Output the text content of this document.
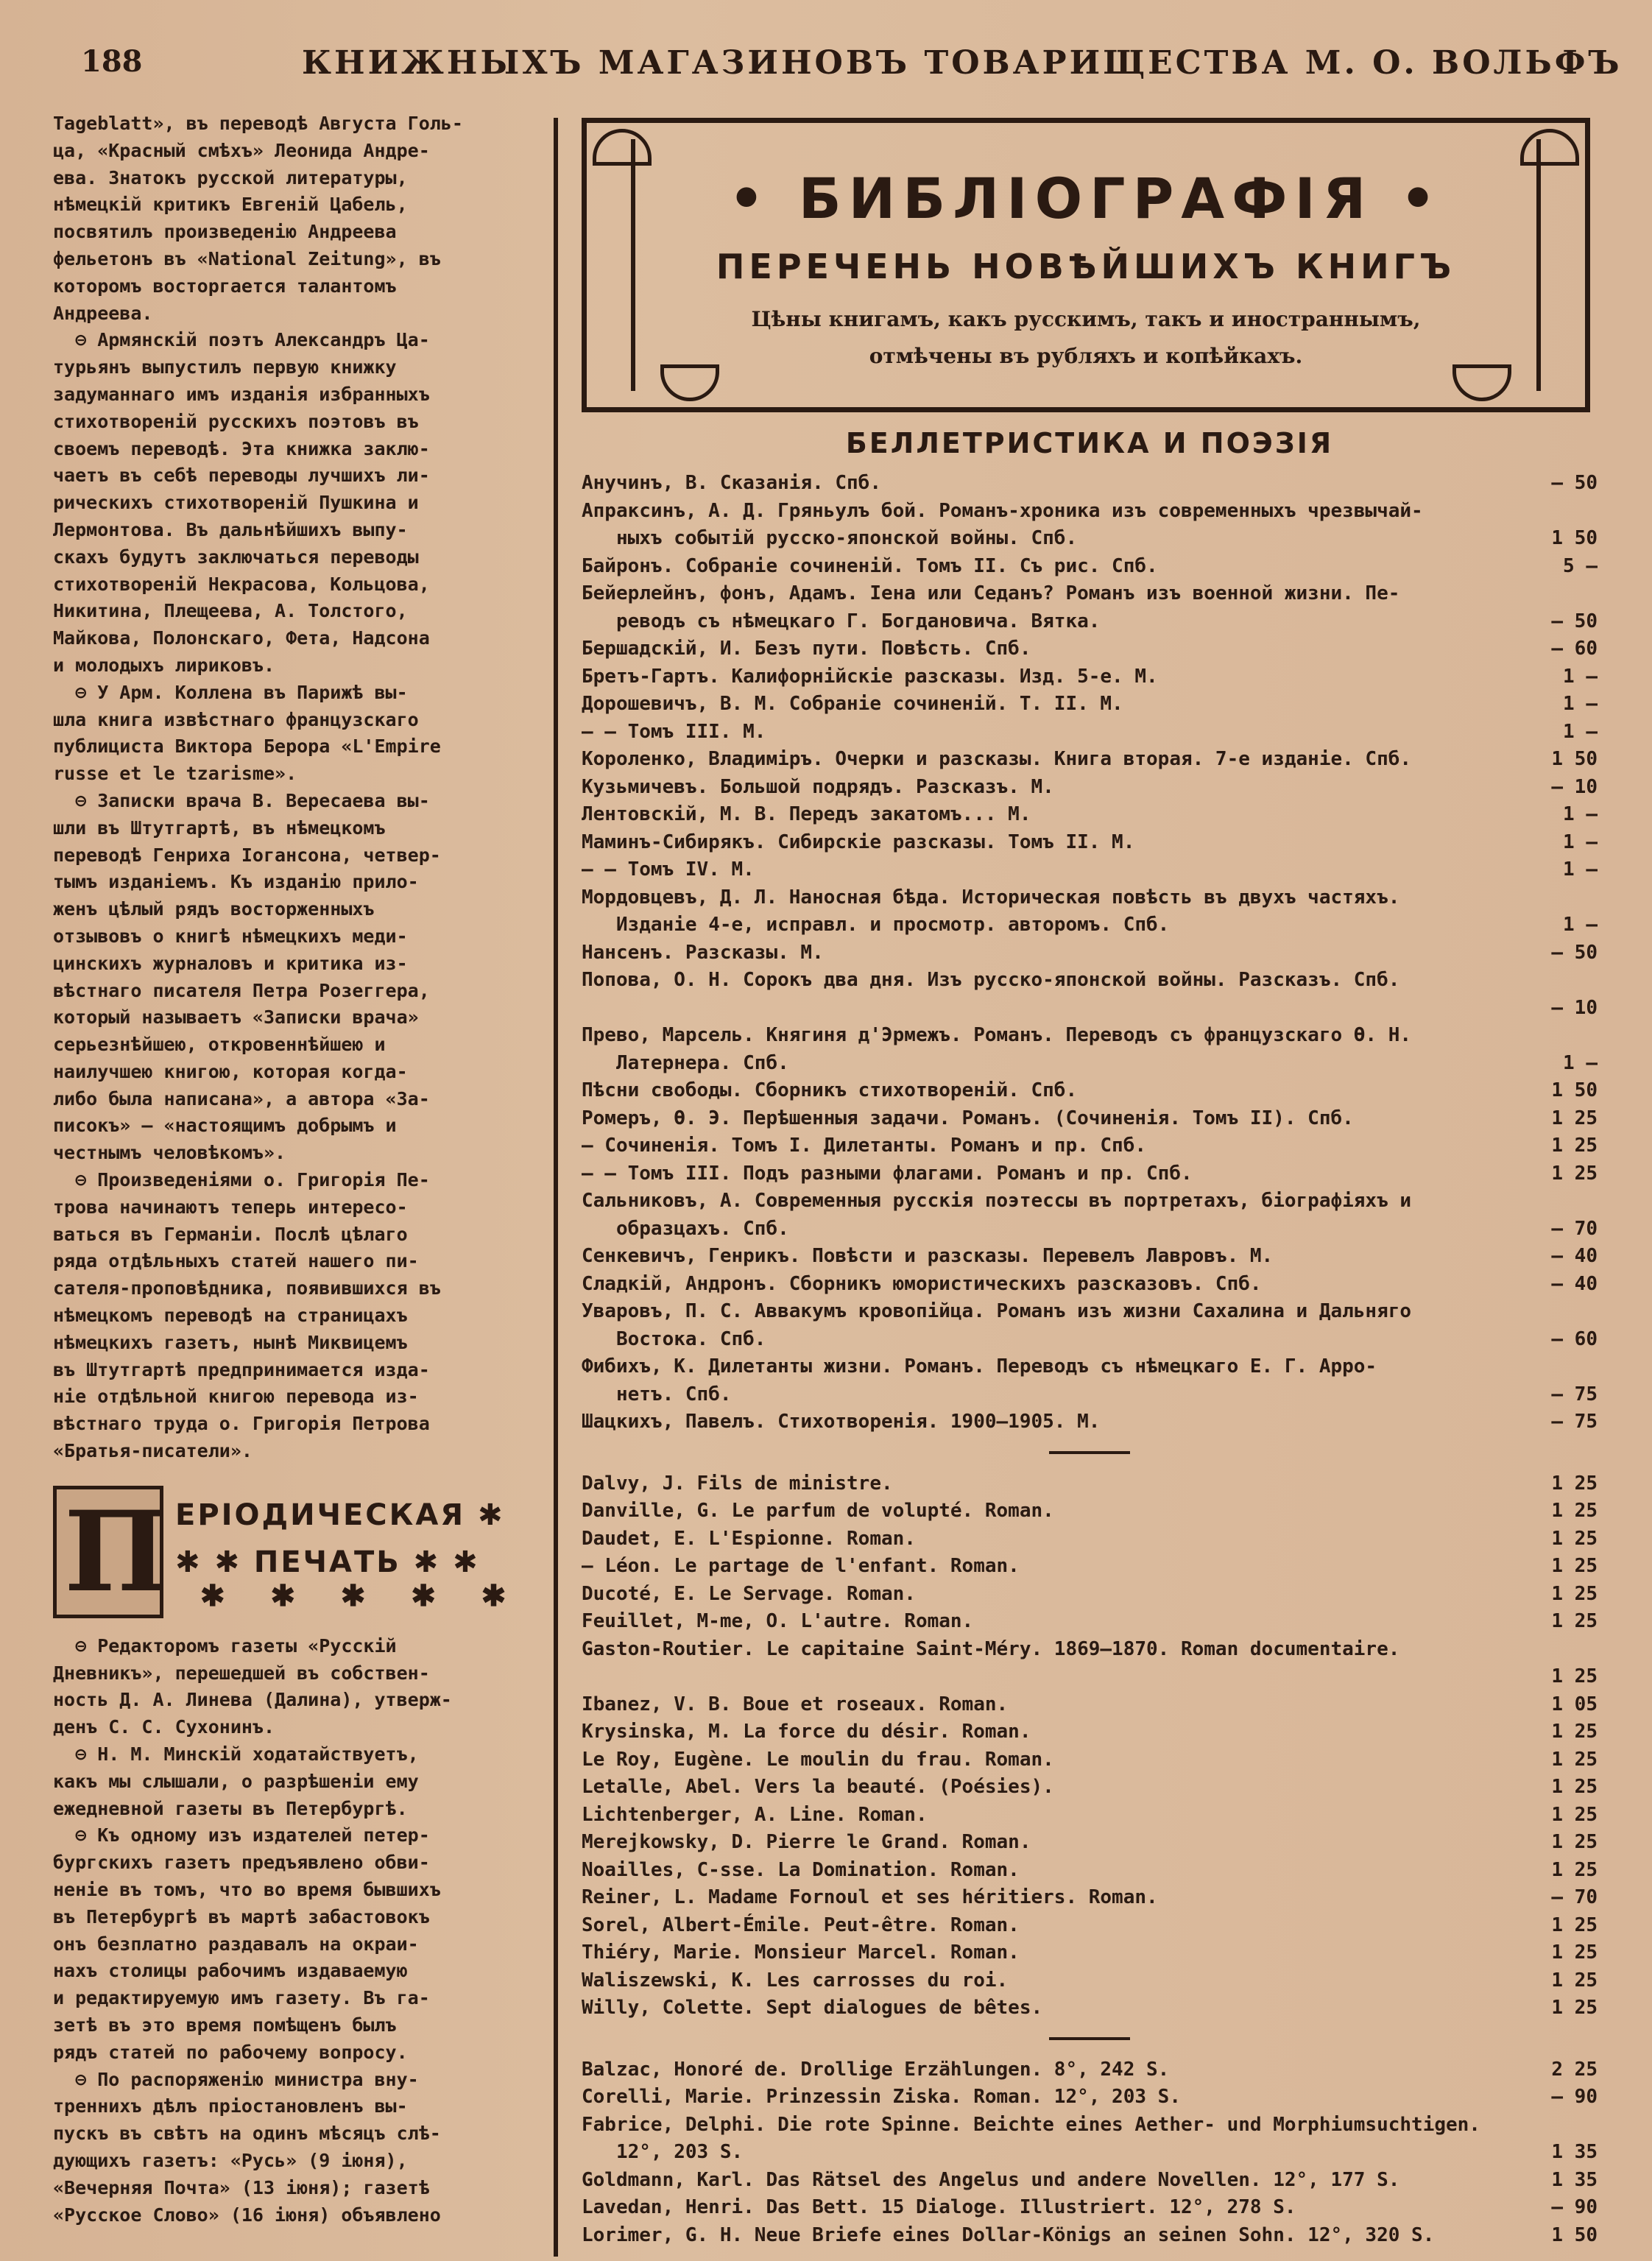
188	КНИЖНЫХЪ МАГАЗИНОВЪ ТОВАРИЩЕСТВА М. О. ВОЛЬФЪ

Tageblatt», въ переводѣ Августа Голь-

ца, «Красный смѣхъ» Леонида Андре-

ева. Знатокъ русской литературы,

нѣмецкій критикъ Евгеній Цабель,

посвятилъ произведенію Андреева

фельетонъ въ «National Zeitung», въ

которомъ восторгается талантомъ

Андреева.

⊖ Армянскій поэтъ Александръ Ца-

турьянъ выпустилъ первую книжку

задуманнаго имъ изданія избранныхъ

стихотвореній русскихъ поэтовъ въ

своемъ переводѣ. Эта книжка заклю-

чаетъ въ себѣ переводы лучшихъ ли-

рическихъ стихотвореній Пушкина и

Лермонтова. Въ дальнѣйшихъ выпу-

скахъ будутъ заключаться переводы

стихотвореній Некрасова, Кольцова,

Никитина, Плещеева, А. Толстого,

Майкова, Полонскаго, Фета, Надсона

и молодыхъ лириковъ.

⊖ У Арм. Коллена въ Парижѣ вы-

шла книга извѣстнаго французскаго

публициста Виктора Берора «L'Empire

russe et le tzarisme».

⊖ Записки врача В. Вересаева вы-

шли въ Штутгартѣ, въ нѣмецкомъ

переводѣ Генриха Іогансона, четвер-

тымъ изданіемъ. Къ изданію прило-

женъ цѣлый рядъ восторженныхъ

отзывовъ о книгѣ нѣмецкихъ меди-

цинскихъ журналовъ и критика из-

вѣстнаго писателя Петра Розеггера,

который называетъ «Записки врача»

серьезнѣйшею, откровеннѣйшею и

наилучшею книгою, которая когда-

либо была написана», а автора «За-

писокъ» — «настоящимъ добрымъ и

честнымъ человѣкомъ».

⊖ Произведеніями о. Григорія Пе-

трова начинаютъ теперь интересо-

ваться въ Германіи. Послѣ цѣлаго

ряда отдѣльныхъ статей нашего пи-

сателя-проповѣдника, появившихся въ

нѣмецкомъ переводѣ на страницахъ

нѣмецкихъ газетъ, нынѣ Миквицемъ

въ Штутгартѣ предпринимается изда-

ніе отдѣльной книгою перевода из-

вѣстнаго труда о. Григорія Петрова

«Братья-писатели».

П ЕРІОДИЧЕСКАЯ ✱
✱ ✱ ПЕЧАТЬ ✱ ✱
✱ ✱ ✱ ✱ ✱

⊖ Редакторомъ газеты «Русскій

Дневникъ», перешедшей въ собствен-

ность Д. А. Линева (Далина), утверж-

денъ С. С. Сухонинъ.

⊖ Н. М. Минскій ходатайствуетъ,

какъ мы слышали, о разрѣшеніи ему

ежедневной газеты въ Петербургѣ.

⊖ Къ одному изъ издателей петер-

бургскихъ газетъ предъявлено обви-

неніе въ томъ, что во время бывшихъ

въ Петербургѣ въ мартѣ забастовокъ

онъ безплатно раздавалъ на окраи-

нахъ столицы рабочимъ издаваемую

и редактируемую имъ газету. Въ га-

зетѣ въ это время помѣщенъ былъ

рядъ статей по рабочему вопросу.

⊖ По распоряженію министра вну-

треннихъ дѣлъ пріостановленъ вы-

пускъ въ свѣтъ на одинъ мѣсяцъ слѣ-

дующихъ газетъ: «Русь» (9 іюня),

«Вечерняя Почта» (13 іюня); газетѣ

«Русское Слово» (16 іюня) объявлено

• БИБЛІОГРАФІЯ •
ПЕРЕЧЕНЬ НОВѢЙШИХЪ КНИГЪ
Цѣны книгамъ, какъ русскимъ, такъ и иностраннымъ,
отмѣчены въ рубляхъ и копѣйкахъ.
БЕЛЛЕТРИСТИКА И ПОЭЗІЯ
Анучинъ, В. Сказанія. Спб.	— 50
Апраксинъ, А. Д. Гряньулъ бой. Романъ-хроника изъ современныхъ чрезвычай-
ныхъ событій русско-японской войны. Спб.	
1 50
Байронъ. Собраніе сочиненій. Томъ II. Съ рис. Спб.	5 —
Бейерлейнъ, фонъ, Адамъ. Іена или Седанъ? Романъ изъ военной жизни. Пе-
реводъ съ нѣмецкаго Г. Богдановича. Вятка.	
— 50
Бершадскій, И. Безъ пути. Повѣсть. Спб.	— 60
Бретъ-Гартъ. Калифорнійскіе разсказы. Изд. 5-е. М.	1 —
Дорошевичъ, В. М. Собраніе сочиненій. Т. II. М.	1 —
— — Томъ III. М.	1 —
Короленко, Владиміръ. Очерки и разсказы. Книга вторая. 7-е изданіе. Спб.	1 50
Кузьмичевъ. Большой подрядъ. Разсказъ. М.	— 10
Лентовскій, М. В. Передъ закатомъ... М.	1 —
Маминъ-Сибирякъ. Сибирскіе разсказы. Томъ II. М.	1 —
— — Томъ IV. М.	1 —
Мордовцевъ, Д. Л. Наносная бѣда. Историческая повѣсть въ двухъ частяхъ.
Изданіе 4-е, исправл. и просмотр. авторомъ. Спб.	
1 —
Нансенъ. Разсказы. М.	— 50
Попова, О. Н. Сорокъ два дня. Изъ русско-японской войны. Разсказъ. Спб.

— 10
Прево, Марсель. Княгиня д'Эрмежъ. Романъ. Переводъ съ французскаго Ѳ. Н.
Латернера. Спб.	
1 —
Пѣсни свободы. Сборникъ стихотвореній. Спб.	1 50
Ромеръ, Ѳ. Э. Перѣшенныя задачи. Романъ. (Сочиненія. Томъ II). Спб.	1 25
— Сочиненія. Томъ I. Дилетанты. Романъ и пр. Спб.	1 25
— — Томъ III. Подъ разными флагами. Романъ и пр. Спб.	1 25
Сальниковъ, А. Современныя русскія поэтессы въ портретахъ, біографіяхъ и
образцахъ. Спб.	
— 70
Сенкевичъ, Генрикъ. Повѣсти и разсказы. Перевелъ Лавровъ. М.	— 40
Сладкій, Андронъ. Сборникъ юмористическихъ разсказовъ. Спб.	— 40
Уваровъ, П. С. Аввакумъ кровопійца. Романъ изъ жизни Сахалина и Дальняго
Востока. Спб.	
— 60
Фибихъ, К. Дилетанты жизни. Романъ. Переводъ съ нѣмецкаго Е. Г. Арро-
нетъ. Спб.	
— 75
Шацкихъ, Павелъ. Стихотворенія. 1900—1905. М.	— 75
Dalvy, J. Fils de ministre.	1 25
Danville, G. Le parfum de volupté. Roman.	1 25
Daudet, E. L'Espionne. Roman.	1 25
— Léon. Le partage de l'enfant. Roman.	1 25
Ducoté, E. Le Servage. Roman.	1 25
Feuillet, M-me, O. L'autre. Roman.	1 25
Gaston-Routier. Le capitaine Saint-Méry. 1869—1870. Roman documentaire.

1 25
Ibanez, V. B. Boue et roseaux. Roman.	1 05
Krysinska, M. La force du désir. Roman.	1 25
Le Roy, Eugène. Le moulin du frau. Roman.	1 25
Letalle, Abel. Vers la beauté. (Poésies).	1 25
Lichtenberger, A. Line. Roman.	1 25
Merejkowsky, D. Pierre le Grand. Roman.	1 25
Noailles, C-sse. La Domination. Roman.	1 25
Reiner, L. Madame Fornoul et ses héritiers. Roman.	— 70
Sorel, Albert-Émile. Peut-être. Roman.	1 25
Thiéry, Marie. Monsieur Marcel. Roman.	1 25
Waliszewski, K. Les carrosses du roi.	1 25
Willy, Colette. Sept dialogues de bêtes.	1 25
Balzac, Honoré de. Drollige Erzählungen. 8°, 242 S.	2 25
Corelli, Marie. Prinzessin Ziska. Roman. 12°, 203 S.	— 90
Fabrice, Delphi. Die rote Spinne. Beichte eines Aether- und Morphiumsuchtigen.
12°, 203 S.	
1 35
Goldmann, Karl. Das Rätsel des Angelus und andere Novellen. 12°, 177 S.	1 35
Lavedan, Henri. Das Bett. 15 Dialoge. Illustriert. 12°, 278 S.	— 90
Lorimer, G. H. Neue Briefe eines Dollar-Königs an seinen Sohn. 12°, 320 S.	1 50
